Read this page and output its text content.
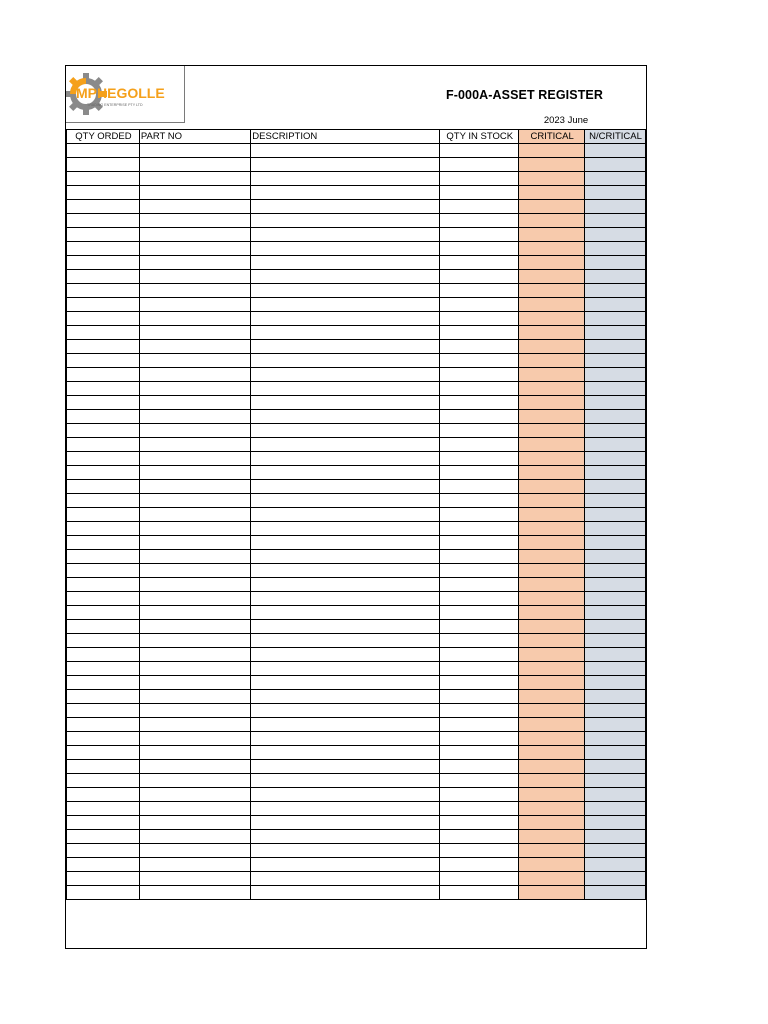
MPHEGOLLE
TRADING ENTERPRISE PTY LTD
F-000A-ASSET REGISTER
2023 June
QTY ORDED	PART NO	DESCRIPTION	QTY IN STOCK	CRITICAL	N/CRITICAL
